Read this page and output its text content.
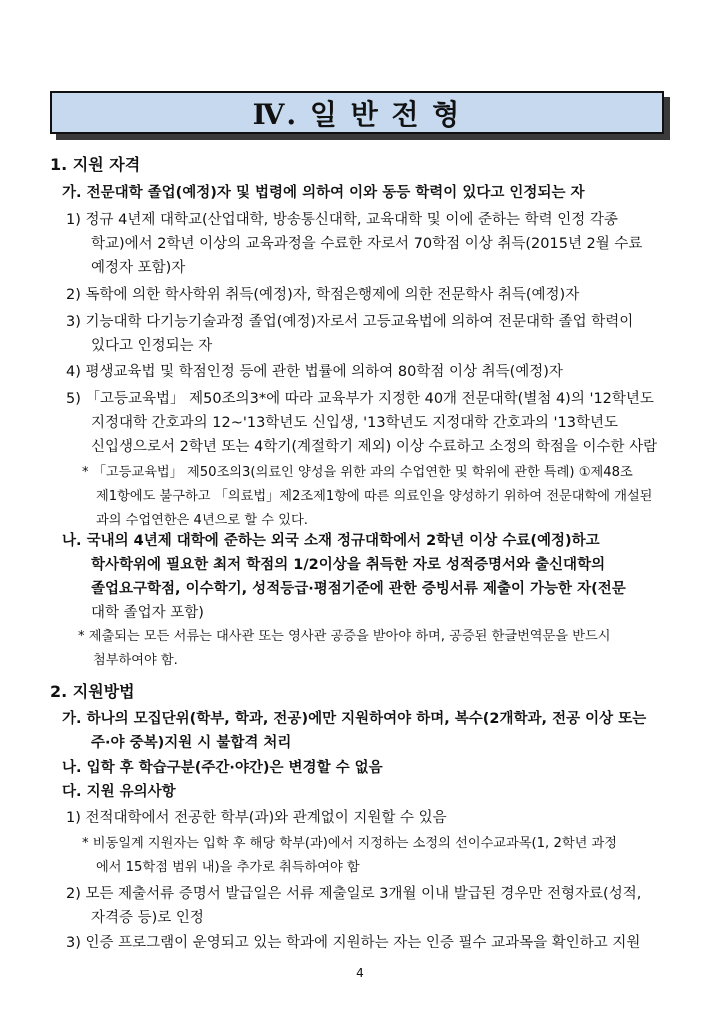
Ⅳ. 일 반 전 형
1. 지원 자격
가. 전문대학 졸업(예정)자 및 법령에 의하여 이와 동등 학력이 있다고 인정되는 자
1) 정규 4년제 대학교(산업대학, 방송통신대학, 교육대학 및 이에 준하는 학력 인정 각종
학교)에서 2학년 이상의 교육과정을 수료한 자로서 70학점 이상 취득(2015년 2월 수료
예정자 포함)자
2) 독학에 의한 학사학위 취득(예정)자, 학점은행제에 의한 전문학사 취득(예정)자
3) 기능대학 다기능기술과정 졸업(예정)자로서 고등교육법에 의하여 전문대학 졸업 학력이
있다고 인정되는 자
4) 평생교육법 및 학점인정 등에 관한 법률에 의하여 80학점 이상 취득(예정)자
5) 「고등교육법」 제50조의3*에 따라 교육부가 지정한 40개 전문대학(별첨 4)의 '12학년도
지정대학 간호과의 12~'13학년도 신입생, '13학년도 지정대학 간호과의 '13학년도
신입생으로서 2학년 또는 4학기(계절학기 제외) 이상 수료하고 소정의 학점을 이수한 사람
* 「고등교육법」 제50조의3(의료인 양성을 위한 과의 수업연한 및 학위에 관한 특례) ①제48조
제1항에도 불구하고 「의료법」제2조제1항에 따른 의료인을 양성하기 위하여 전문대학에 개설된
과의 수업연한은 4년으로 할 수 있다.
나. 국내의 4년제 대학에 준하는 외국 소재 정규대학에서 2학년 이상 수료(예정)하고
학사학위에 필요한 최저 학점의 1/2이상을 취득한 자로 성적증명서와 출신대학의
졸업요구학점, 이수학기, 성적등급·평점기준에 관한 증빙서류 제출이 가능한 자(전문
대학 졸업자 포함)
* 제출되는 모든 서류는 대사관 또는 영사관 공증을 받아야 하며, 공증된 한글번역문을 반드시
첨부하여야 함.
2. 지원방법
가. 하나의 모집단위(학부, 학과, 전공)에만 지원하여야 하며, 복수(2개학과, 전공 이상 또는
주·야 중복)지원 시 불합격 처리
나. 입학 후 학습구분(주간·야간)은 변경할 수 없음
다. 지원 유의사항
1) 전적대학에서 전공한 학부(과)와 관계없이 지원할 수 있음
* 비동일계 지원자는 입학 후 해당 학부(과)에서 지정하는 소정의 선이수교과목(1, 2학년 과정
에서 15학점 범위 내)을 추가로 취득하여야 함
2) 모든 제출서류 증명서 발급일은 서류 제출일로 3개월 이내 발급된 경우만 전형자료(성적,
자격증 등)로 인정
3) 인증 프로그램이 운영되고 있는 학과에 지원하는 자는 인증 필수 교과목을 확인하고 지원
4
